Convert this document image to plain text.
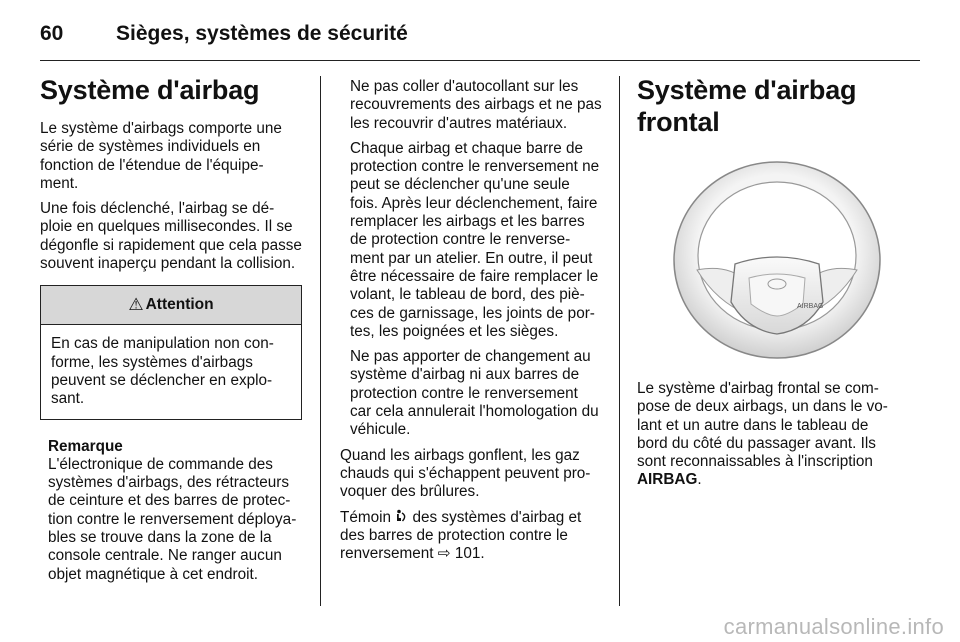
60	Sièges, systèmes de sécurité
Système d'airbag

Le système d'airbags comporte une série de systèmes individuels en fonction de l'étendue de l'équipe- ment.

Une fois déclenché, l'airbag se dé- ploie en quelques millisecondes. Il se dégonfle si rapidement que cela passe souvent inaperçu pendant la collision.

⚠ Attention
En cas de manipulation non con- forme, les systèmes d'airbags peuvent se déclencher en explo- sant.
Remarque
L'électronique de commande des systèmes d'airbags, des rétracteurs de ceinture et des barres de protec- tion contre le renversement déploya- bles se trouve dans la zone de la console centrale. Ne ranger aucun objet magnétique à cet endroit.

Ne pas coller d'autocollant sur les recouvrements des airbags et ne pas les recouvrir d'autres matériaux.

Chaque airbag et chaque barre de protection contre le renversement ne peut se déclencher qu'une seule fois. Après leur déclenchement, faire remplacer les airbags et les barres de protection contre le renverse- ment par un atelier. En outre, il peut être nécessaire de faire remplacer le volant, le tableau de bord, des piè- ces de garnissage, les joints de por- tes, les poignées et les sièges.

Ne pas apporter de changement au système d'airbag ni aux barres de protection contre le renversement car cela annulerait l'homologation du véhicule.

Quand les airbags gonflent, les gaz chauds qui s'échappent peuvent pro- voquer des brûlures.

Témoin des systèmes d'airbag et des barres de protection contre le renversement ⇨ 101.

Système d'airbag frontal
AIRBAG

Le système d'airbag frontal se com- pose de deux airbags, un dans le vo- lant et un autre dans le tableau de bord du côté du passager avant. Ils sont reconnaissables à l'inscription AIRBAG.

carmanualsonline.info
